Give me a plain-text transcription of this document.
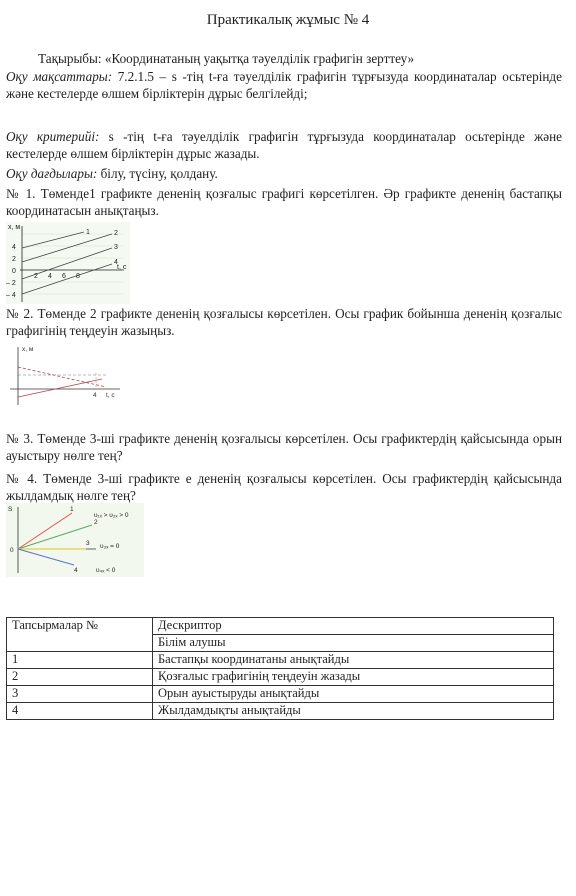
Практикалық жұмыс № 4
Тақырыбы: «Координатаның уақытқа тәуелділік графигін зерттеу»
Оқу мақсаттары: 7.2.1.5 – s -тің t-ға тәуелділік графигін тұрғызуда координаталар осьтерінде және кестелерде өлшем бірліктерін дұрыс белгілейді;
Оқу критерийі: s -тің t-ға тәуелділік графигін тұрғызуда координаталар осьтерінде және кестелерде өлшем бірліктерін дұрыс жазады.
Оқу дағдылары: білу, түсіну, қолдану.
№ 1. Төменде1 графикте дененің қозғалыс графигі көрсетілген. Әр графикте дененің бастапқы координатасын анықтаңыз.
x, м
t, c
4
2
0
– 2
– 4
2 4 6 8
1	2
3
4
№ 2. Төменде 2 графикте дененің қозғалысы көрсетілен. Осы график бойынша дененің қозғалыс графигінің теңдеуін жазыңыз.
x, м
t, c
4
№ 3. Төменде 3-ші графикте дененің қозғалысы көрсетілен. Осы графиктердің қайсысында орын ауыстыру нөлге тең?
№ 4. Төменде 3-ші графикте е дененің қозғалысы көрсетілен. Осы графиктердің қайсысында жылдамдық нөлге тең?
S
0
1
2
3
4
υ₁ₓ > υ₂ₓ > 0
υ₃ₓ = 0
υ₄ₓ < 0
Тапсырмалар №	Дескриптор
	Білім алушы
1	Бастапқы координатаны анықтайды
2	Қозғалыс графигінің теңдеуін жазады
3	Орын ауыстыруды анықтайды
4	Жылдамдықты анықтайды
